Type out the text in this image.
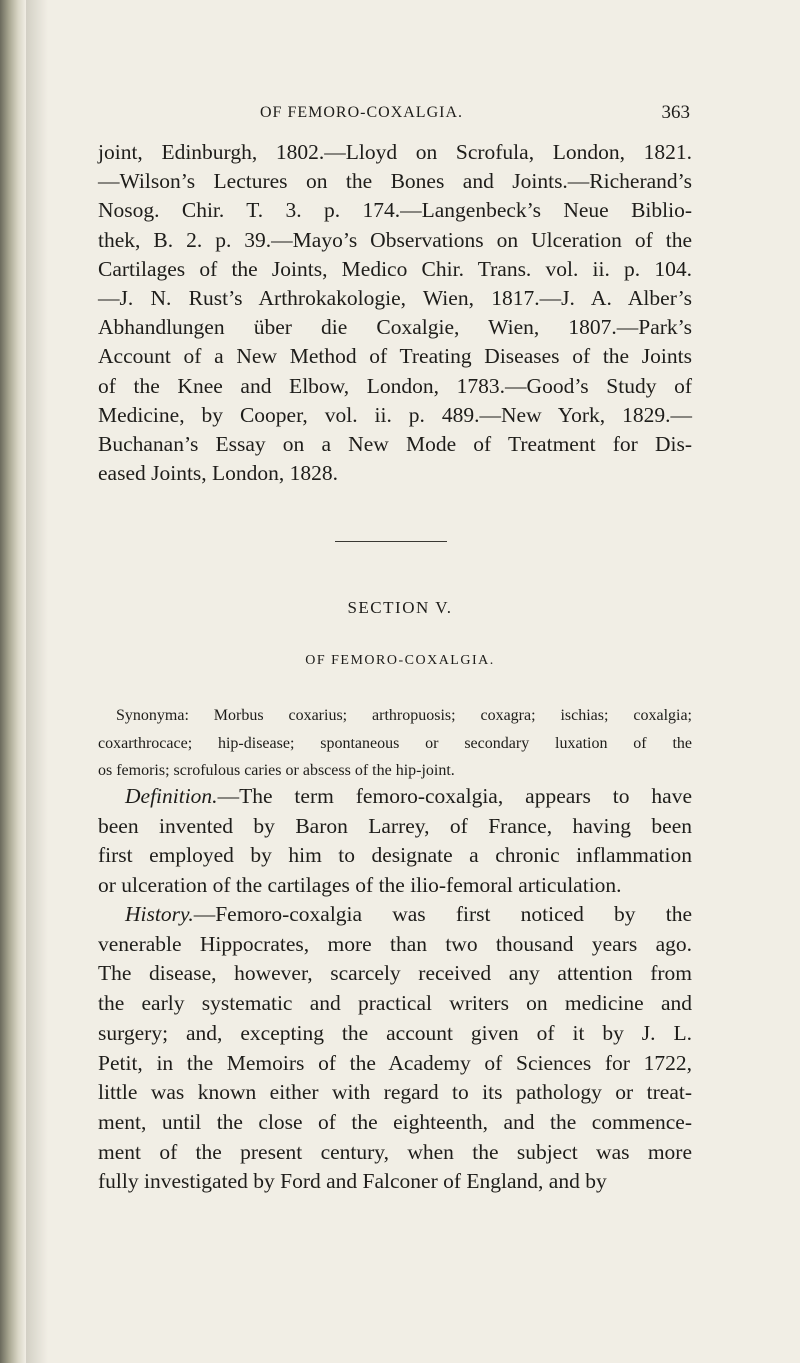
OF FEMORO-COXALGIA.	363

joint, Edinburgh, 1802.—Lloyd on Scrofula, London, 1821.
—Wilson’s Lectures on the Bones and Joints.—Richerand’s
Nosog. Chir. T. 3. p. 174.—Langenbeck’s Neue Biblio-
thek, B. 2. p. 39.—Mayo’s Observations on Ulceration of the
Cartilages of the Joints, Medico Chir. Trans. vol. ii. p. 104.
—J. N. Rust’s Arthrokakologie, Wien, 1817.—J. A. Alber’s
Abhandlungen über die Coxalgie, Wien, 1807.—Park’s
Account of a New Method of Treating Diseases of the Joints
of the Knee and Elbow, London, 1783.—Good’s Study of
Medicine, by Cooper, vol. ii. p. 489.—New York, 1829.—
Buchanan’s Essay on a New Mode of Treatment for Dis-
eased Joints, London, 1828.

SECTION V.
OF FEMORO-COXALGIA.

Synonyma: Morbus coxarius; arthropuosis; coxagra; ischias; coxalgia;
coxarthrocace; hip-disease; spontaneous or secondary luxation of the
os femoris; scrofulous caries or abscess of the hip-joint.

Definition.—The term femoro-coxalgia, appears to have
been invented by Baron Larrey, of France, having been
first employed by him to designate a chronic inflammation
or ulceration of the cartilages of the ilio-femoral articulation.

History.—Femoro-coxalgia was first noticed by the
venerable Hippocrates, more than two thousand years ago.
The disease, however, scarcely received any attention from
the early systematic and practical writers on medicine and
surgery; and, excepting the account given of it by J. L.
Petit, in the Memoirs of the Academy of Sciences for 1722,
little was known either with regard to its pathology or treat-
ment, until the close of the eighteenth, and the commence-
ment of the present century, when the subject was more
fully investigated by Ford and Falconer of England, and by
